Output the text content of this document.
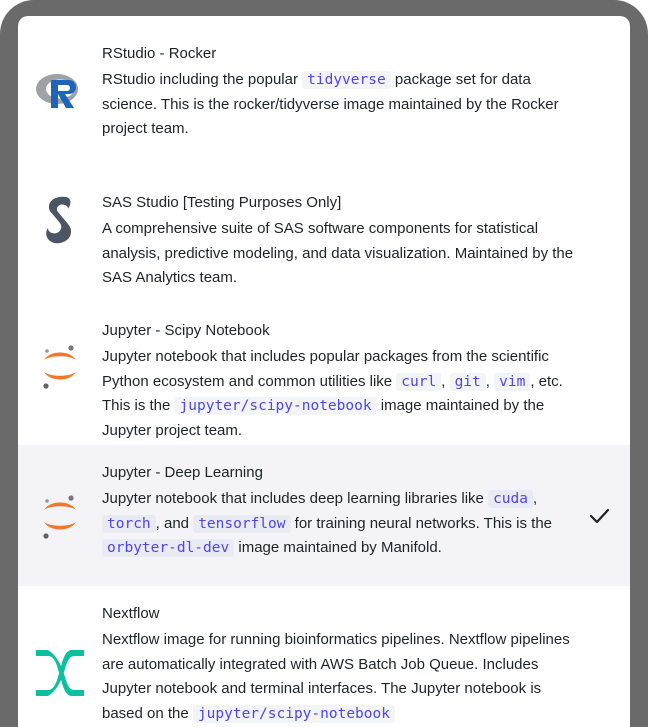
RStudio - Rocker
RStudio including the popular tidyverse package set for data science. This is the rocker/tidyverse image maintained by the Rocker project team.
SAS Studio [Testing Purposes Only]
A comprehensive suite of SAS software components for statistical analysis, predictive modeling, and data visualization. Maintained by the SAS Analytics team.
Jupyter - Scipy Notebook
Jupyter notebook that includes popular packages from the scientific Python ecosystem and common utilities like curl , git , vim , etc. This is the jupyter/scipy-notebook image maintained by the Jupyter project team.
Jupyter - Deep Learning
Jupyter notebook that includes deep learning libraries like cuda , torch , and tensorflow for training neural networks. This is the orbyter-dl-dev image maintained by Manifold.
Nextflow
Nextflow image for running bioinformatics pipelines. Nextflow pipelines are automatically integrated with AWS Batch Job Queue. Includes Jupyter notebook and terminal interfaces. The Jupyter notebook is based on the jupyter/scipy-notebook
